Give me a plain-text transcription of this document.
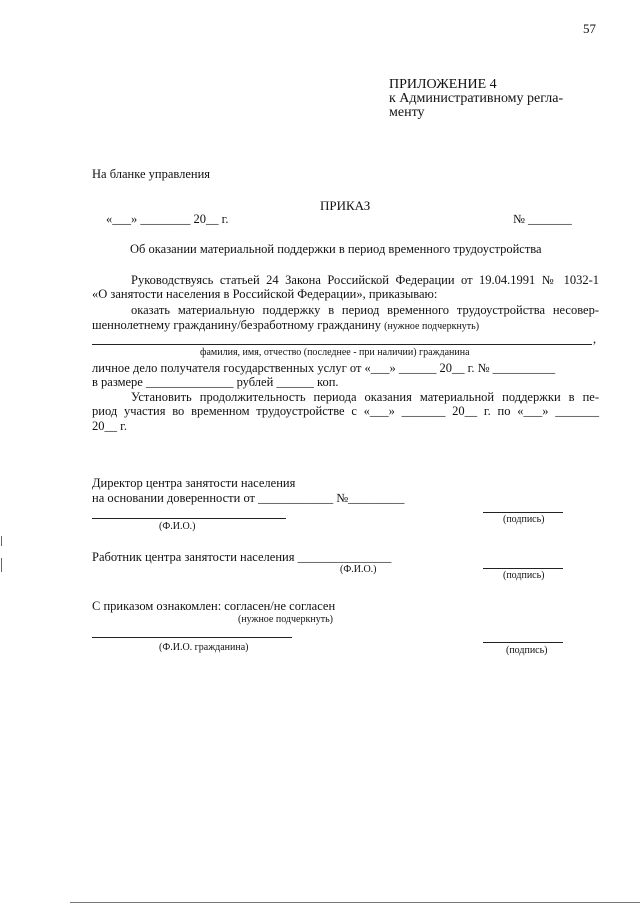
57
ПРИЛОЖЕНИЕ 4
к Административному регла-
менту
На бланке управления
ПРИКАЗ
«___» ________ 20__ г.	№ _______
Об оказании материальной поддержки в период временного трудоустройства
Руководствуясь статьей 24 Закона Российской Федерации от 19.04.1991 № 1032-1
«О занятости населения в Российской Федерации», приказываю:
оказать материальную поддержку в период временного трудоустройства несовер-
шеннолетнему гражданину/безработному гражданину (нужное подчеркнуть)
,
фамилия, имя, отчество (последнее - при наличии) гражданина
личное дело получателя государственных услуг от «___» ______ 20__ г. № __________
в размере ______________ рублей ______ коп.
Установить продолжительность периода оказания материальной поддержки в пе-
риод участия во временном трудоустройстве с «___» _______ 20__ г. по «___» _______
20__ г.
Директор центра занятости населения
на основании доверенности от ____________ №_________
(Ф.И.О.)
(подпись)
Работник центра занятости населения _______________
(Ф.И.О.)
(подпись)
С приказом ознакомлен: согласен/не согласен
(нужное подчеркнуть)
(Ф.И.О. гражданина)	(подпись)
